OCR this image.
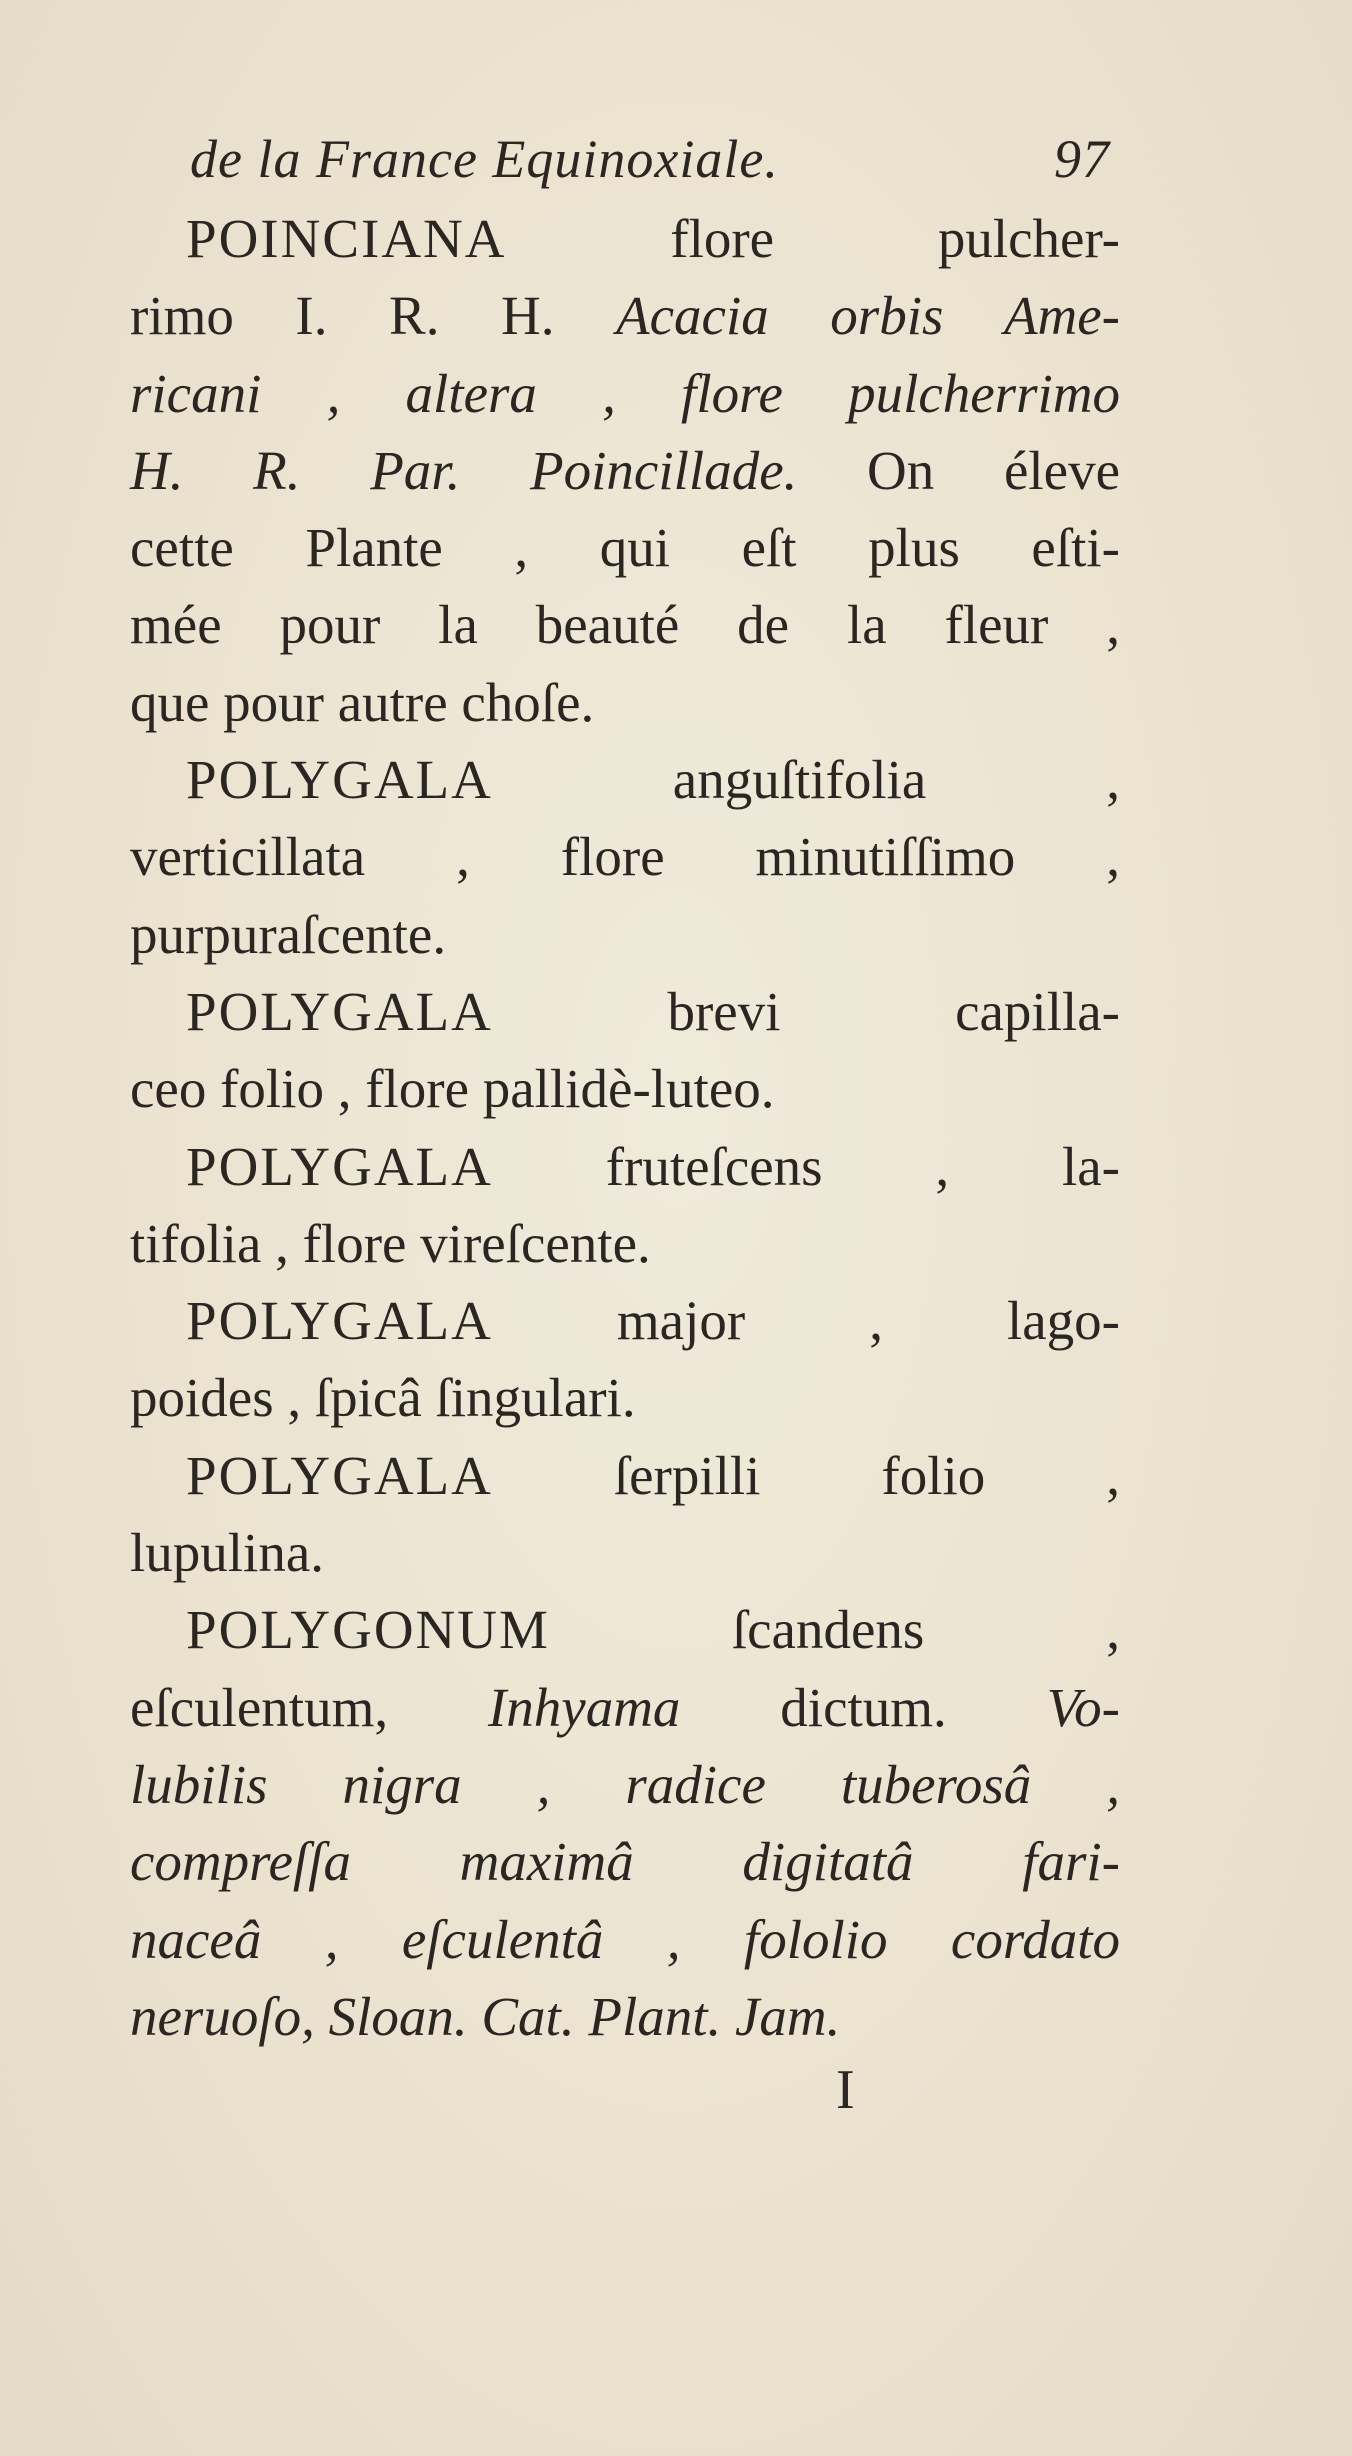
de la France Equinoxiale.	97
POINCIANA flore pulcher-
rimo I. R. H. Acacia orbis Ame-
ricani , altera , flore pulcherrimo
H. R. Par. Poincillade. On éleve
cette Plante , qui eſt plus eſti-
mée pour la beauté de la fleur ,
que pour autre choſe.
POLYGALA anguſtifolia ,
verticillata , flore minutiſſimo ,
purpuraſcente.
POLYGALA brevi capilla-
ceo folio , flore pallidè-luteo.
POLYGALA fruteſcens , la-
tifolia , flore vireſcente.
POLYGALA major , lago-
poides , ſpicâ ſingulari.
POLYGALA ſerpilli folio ,
lupulina.
POLYGONUM ſcandens ,
eſculentum, Inhyama dictum. Vo-
lubilis nigra , radice tuberosâ ,
compreſſa maximâ digitatâ fari-
naceâ , eſculentâ , fololio cordato
neruoſo, Sloan. Cat. Plant. Jam.
I
